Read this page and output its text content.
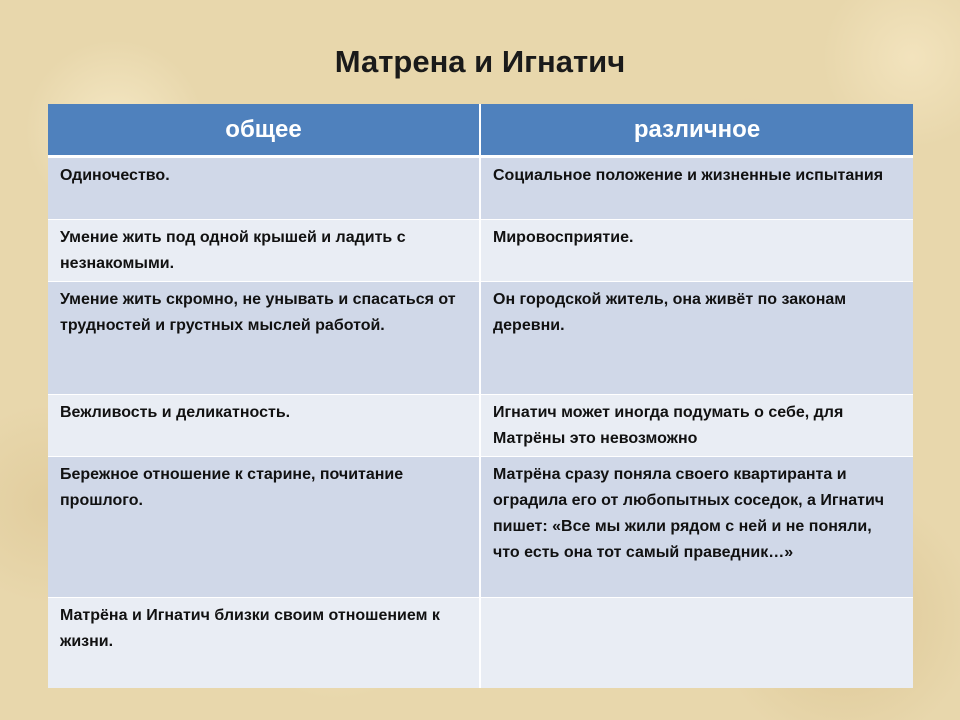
Матрена и Игнатич
общее	различное
Одиночество.	Социальное положение и жизненные испытания
Умение жить под одной крышей и ладить с незнакомыми.	Мировосприятие.
Умение жить скромно, не унывать и спасаться от трудностей и грустных мыслей работой.	Он городской житель, она живёт по законам деревни.
Вежливость и деликатность.	Игнатич может иногда подумать о себе, для Матрёны это невозможно
Бережное отношение к старине, почитание прошлого.	Матрёна сразу поняла своего квартиранта и оградила его от любопытных соседок, а Игнатич пишет: «Все мы жили рядом с ней и не поняли, что есть она тот самый праведник…»
Матрёна и Игнатич близки своим отношением к жизни.	
